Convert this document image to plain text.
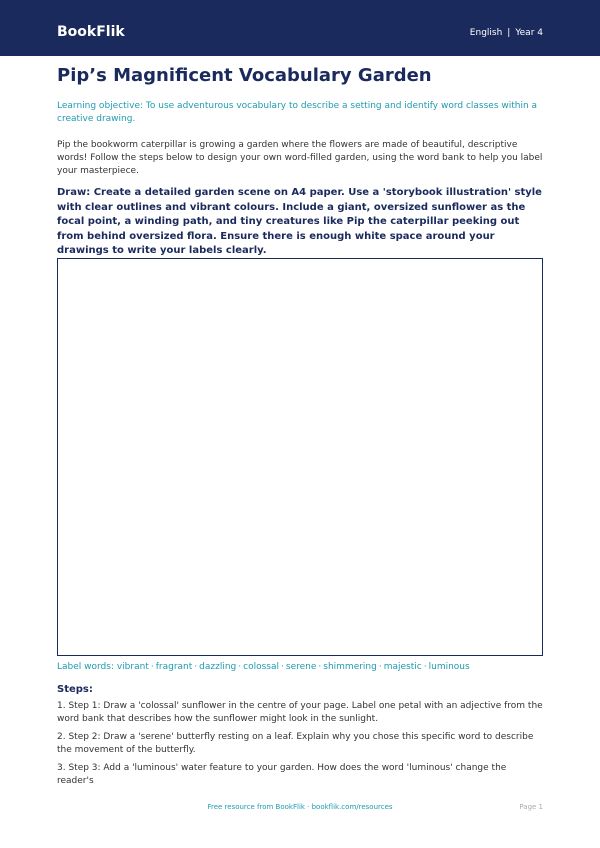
BookFlik	English | Year 4
Pip’s Magnificent Vocabulary Garden

Learning objective: To use adventurous vocabulary to describe a setting and identify word classes within a creative drawing.

Pip the bookworm caterpillar is growing a garden where the flowers are made of beautiful, descriptive words! Follow the steps below to design your own word-filled garden, using the word bank to help you label your masterpiece.

Draw: Create a detailed garden scene on A4 paper. Use a 'storybook illustration' style with clear outlines and vibrant colours. Include a giant, oversized sunflower as the focal point, a winding path, and tiny creatures like Pip the caterpillar peeking out from behind oversized flora. Ensure there is enough white space around your drawings to write your labels clearly.

Label words: vibrant · fragrant · dazzling · colossal · serene · shimmering · majestic · luminous
Steps:

1. Step 1: Draw a 'colossal' sunflower in the centre of your page. Label one petal with an adjective from the word bank that describes how the sunflower might look in the sunlight.

2. Step 2: Draw a 'serene' butterfly resting on a leaf. Explain why you chose this specific word to describe the movement of the butterfly.

3. Step 3: Add a 'luminous' water feature to your garden. How does the word 'luminous' change the reader's

Free resource from BookFlik · bookflik.com/resources	Page 1
